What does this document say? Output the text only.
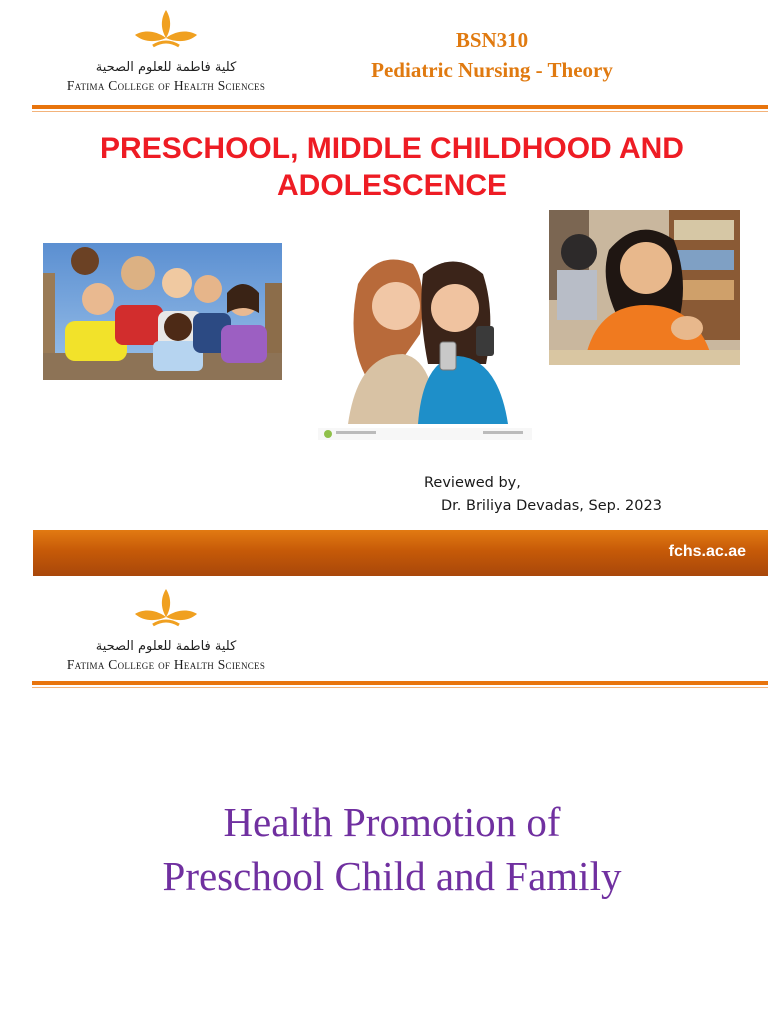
كلية فاطمة للعلوم الصحية
Fatima College of Health Sciences
BSN310
Pediatric Nursing - Theory
PRESCHOOL, MIDDLE CHILDHOOD AND
ADOLESCENCE
Reviewed by,
Dr. Briliya Devadas, Sep. 2023
fchs.ac.ae
كلية فاطمة للعلوم الصحية
Fatima College of Health Sciences
Health Promotion of
Preschool Child and Family
